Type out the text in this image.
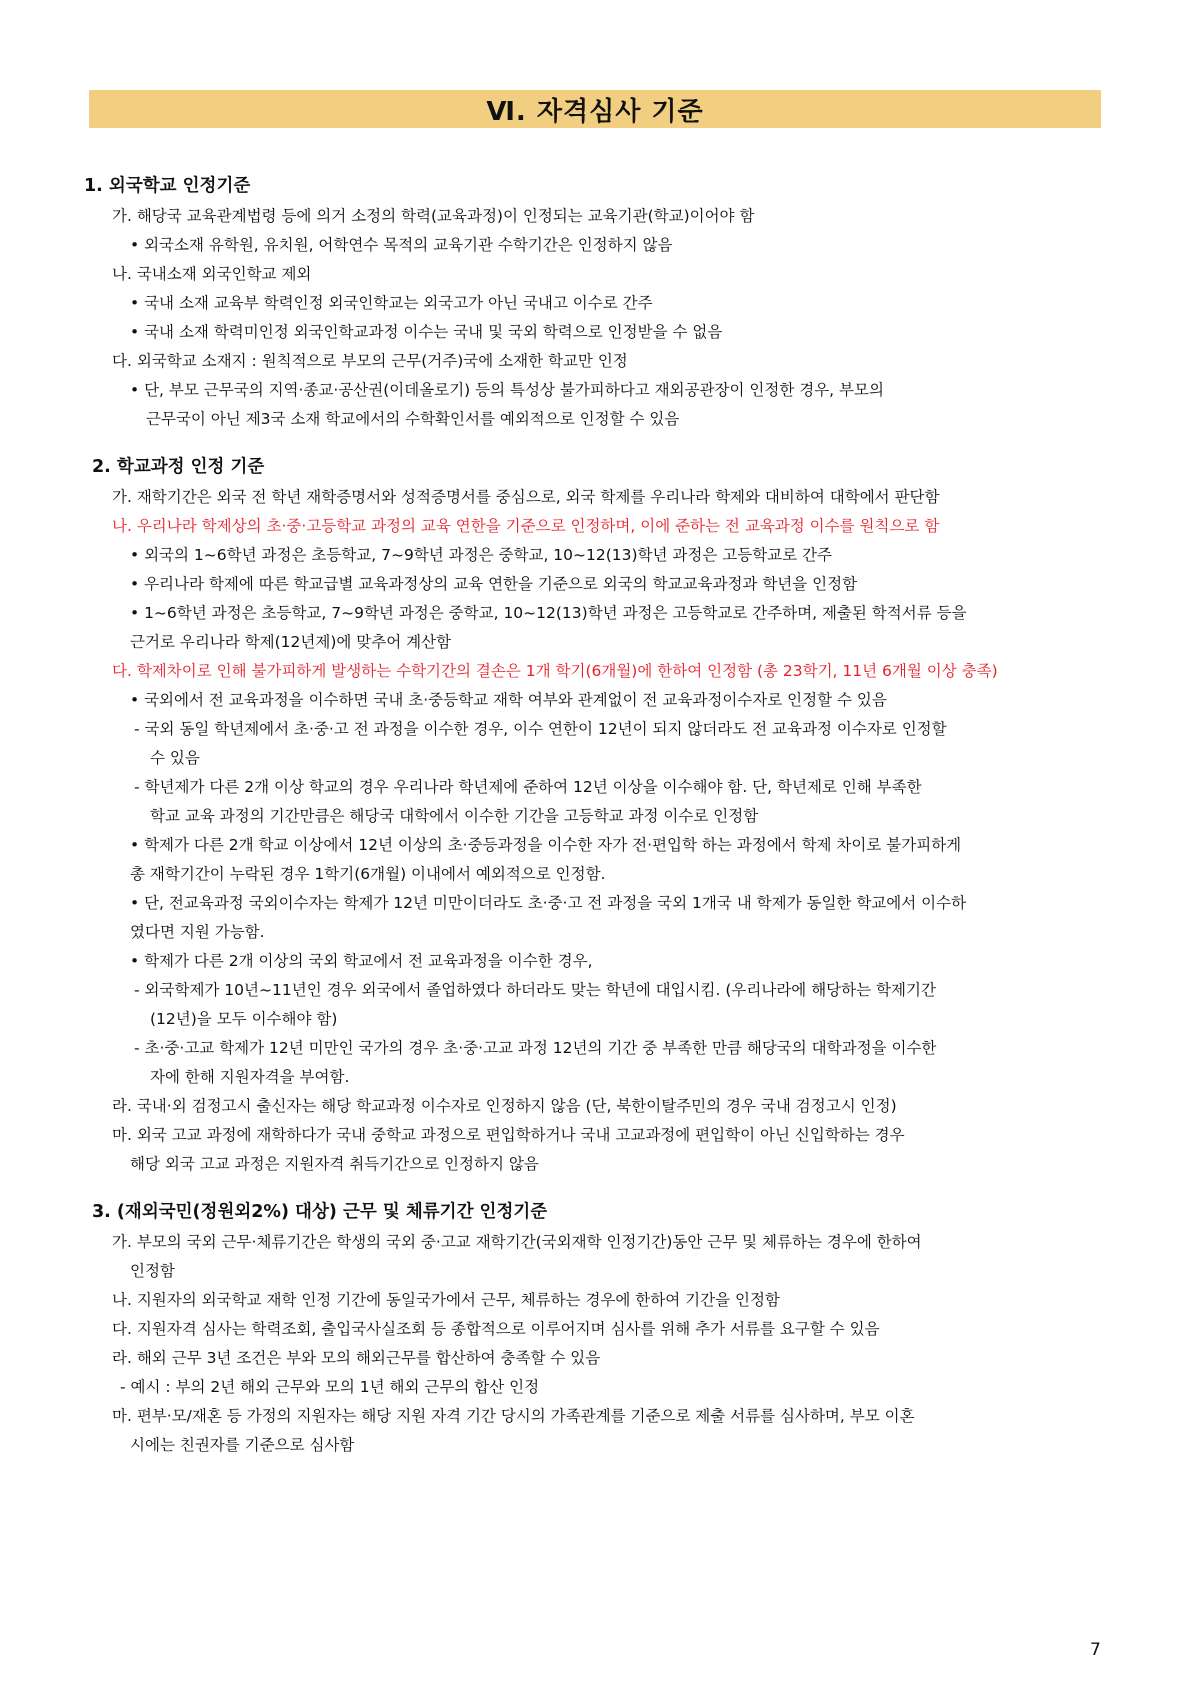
Ⅵ. 자격심사 기준
1. 외국학교 인정기준
가. 해당국 교육관계법령 등에 의거 소정의 학력(교육과정)이 인정되는 교육기관(학교)이어야 함
• 외국소재 유학원, 유치원, 어학연수 목적의 교육기관 수학기간은 인정하지 않음
나. 국내소재 외국인학교 제외
• 국내 소재 교육부 학력인정 외국인학교는 외국고가 아닌 국내고 이수로 간주
• 국내 소재 학력미인정 외국인학교과정 이수는 국내 및 국외 학력으로 인정받을 수 없음
다. 외국학교 소재지 : 원칙적으로 부모의 근무(거주)국에 소재한 학교만 인정
• 단, 부모 근무국의 지역·종교·공산권(이데올로기) 등의 특성상 불가피하다고 재외공관장이 인정한 경우, 부모의
근무국이 아닌 제3국 소재 학교에서의 수학확인서를 예외적으로 인정할 수 있음
2. 학교과정 인정 기준
가. 재학기간은 외국 전 학년 재학증명서와 성적증명서를 중심으로, 외국 학제를 우리나라 학제와 대비하여 대학에서 판단함
나. 우리나라 학제상의 초·중·고등학교 과정의 교육 연한을 기준으로 인정하며, 이에 준하는 전 교육과정 이수를 원칙으로 함
• 외국의 1~6학년 과정은 초등학교, 7~9학년 과정은 중학교, 10~12(13)학년 과정은 고등학교로 간주
• 우리나라 학제에 따른 학교급별 교육과정상의 교육 연한을 기준으로 외국의 학교교육과정과 학년을 인정함
• 1~6학년 과정은 초등학교, 7~9학년 과정은 중학교, 10~12(13)학년 과정은 고등학교로 간주하며, 제출된 학적서류 등을
근거로 우리나라 학제(12년제)에 맞추어 계산함
다. 학제차이로 인해 불가피하게 발생하는 수학기간의 결손은 1개 학기(6개월)에 한하여 인정함 (총 23학기, 11년 6개월 이상 충족)
• 국외에서 전 교육과정을 이수하면 국내 초·중등학교 재학 여부와 관계없이 전 교육과정이수자로 인정할 수 있음
- 국외 동일 학년제에서 초·중·고 전 과정을 이수한 경우, 이수 연한이 12년이 되지 않더라도 전 교육과정 이수자로 인정할
수 있음
- 학년제가 다른 2개 이상 학교의 경우 우리나라 학년제에 준하여 12년 이상을 이수해야 함. 단, 학년제로 인해 부족한
학교 교육 과정의 기간만큼은 해당국 대학에서 이수한 기간을 고등학교 과정 이수로 인정함
• 학제가 다른 2개 학교 이상에서 12년 이상의 초·중등과정을 이수한 자가 전·편입학 하는 과정에서 학제 차이로 불가피하게
총 재학기간이 누락된 경우 1학기(6개월) 이내에서 예외적으로 인정함.
• 단, 전교육과정 국외이수자는 학제가 12년 미만이더라도 초·중·고 전 과정을 국외 1개국 내 학제가 동일한 학교에서 이수하
였다면 지원 가능함.
• 학제가 다른 2개 이상의 국외 학교에서 전 교육과정을 이수한 경우,
- 외국학제가 10년~11년인 경우 외국에서 졸업하였다 하더라도 맞는 학년에 대입시킴. (우리나라에 해당하는 학제기간
(12년)을 모두 이수해야 함)
- 초·중·고교 학제가 12년 미만인 국가의 경우 초·중·고교 과정 12년의 기간 중 부족한 만큼 해당국의 대학과정을 이수한
자에 한해 지원자격을 부여함.
라. 국내·외 검정고시 출신자는 해당 학교과정 이수자로 인정하지 않음 (단, 북한이탈주민의 경우 국내 검정고시 인정)
마. 외국 고교 과정에 재학하다가 국내 중학교 과정으로 편입학하거나 국내 고교과정에 편입학이 아닌 신입학하는 경우
해당 외국 고교 과정은 지원자격 취득기간으로 인정하지 않음
3. (재외국민(정원외2%) 대상) 근무 및 체류기간 인정기준
가. 부모의 국외 근무·체류기간은 학생의 국외 중·고교 재학기간(국외재학 인정기간)동안 근무 및 체류하는 경우에 한하여
인정함
나. 지원자의 외국학교 재학 인정 기간에 동일국가에서 근무, 체류하는 경우에 한하여 기간을 인정함
다. 지원자격 심사는 학력조회, 출입국사실조회 등 종합적으로 이루어지며 심사를 위해 추가 서류를 요구할 수 있음
라. 해외 근무 3년 조건은 부와 모의 해외근무를 합산하여 충족할 수 있음
- 예시 : 부의 2년 해외 근무와 모의 1년 해외 근무의 합산 인정
마. 편부·모/재혼 등 가정의 지원자는 해당 지원 자격 기간 당시의 가족관계를 기준으로 제출 서류를 심사하며, 부모 이혼
시에는 친권자를 기준으로 심사함
7
